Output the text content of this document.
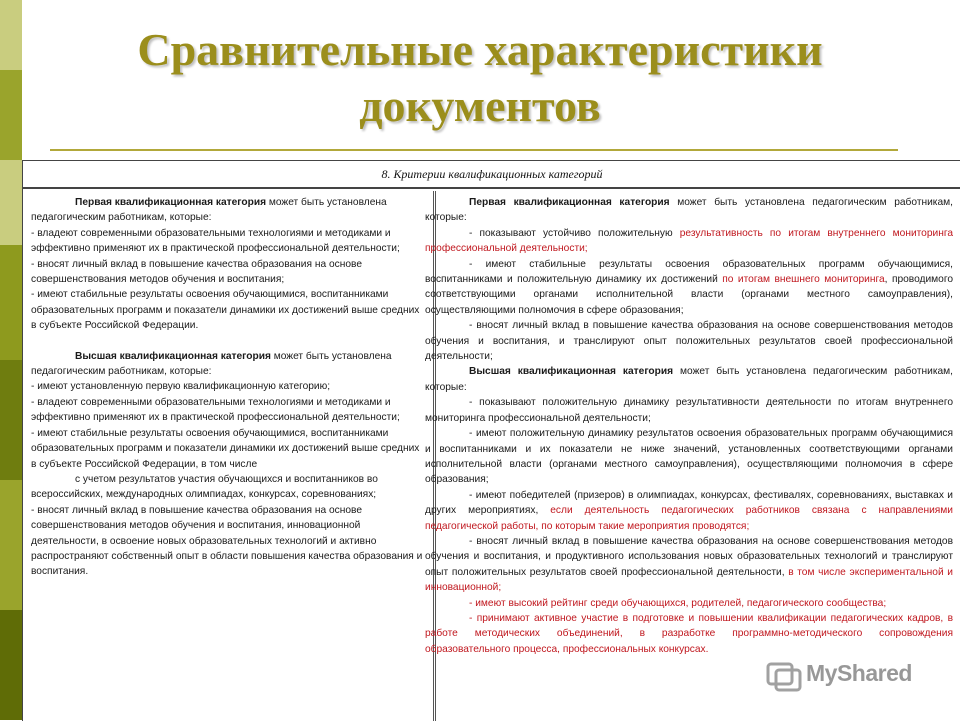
Сравнительные характеристики
документов
8. Критерии квалификационных категорий
Первая квалификационная категория может быть установлена педагогическим работникам, которые:
- владеют современными образовательными технологиями и методиками и эффективно применяют их в практической профессиональной деятельности;
- вносят личный вклад в повышение качества образования на основе совершенствования методов обучения и воспитания;
- имеют стабильные результаты освоения обучающимися, воспитанниками образовательных программ и показатели динамики их достижений выше средних в субъекте Российской Федерации.
Высшая квалификационная категория может быть установлена педагогическим работникам, которые:
- имеют установленную первую квалификационную категорию;
- владеют современными образовательными технологиями и методиками и эффективно применяют их в практической профессиональной деятельности;
- имеют стабильные результаты освоения обучающимися, воспитанниками образовательных программ и показатели динамики их достижений выше средних в субъекте Российской Федерации, в том числе
с учетом результатов участия обучающихся и воспитанников во всероссийских, международных олимпиадах, конкурсах, соревнованиях;
- вносят личный вклад в повышение качества образования на основе совершенствования методов обучения и воспитания, инновационной деятельности, в освоение новых образовательных технологий и активно распространяют собственный опыт в области повышения качества образования и воспитания.
Первая квалификационная категория может быть установлена педагогическим работникам, которые:
- показывают устойчиво положительную результативность по итогам внутреннего мониторинга профессиональной деятельности;
- имеют стабильные результаты освоения образовательных программ обучающимися, воспитанниками и положительную динамику их достижений по итогам внешнего мониторинга, проводимого соответствующими органами исполнительной власти (органами местного самоуправления), осуществляющими полномочия в сфере образования;
- вносят личный вклад в повышение качества образования на основе совершенствования методов обучения и воспитания, и транслируют опыт положительных результатов своей профессиональной деятельности;
Высшая квалификационная категория может быть установлена педагогическим работникам, которые:
- показывают положительную динамику результативности деятельности по итогам внутреннего мониторинга профессиональной деятельности;
- имеют положительную динамику результатов освоения образовательных программ обучающимися и воспитанниками и их показатели не ниже значений, установленных соответствующими органами исполнительной власти (органами местного самоуправления), осуществляющими полномочия в сфере образования;
- имеют победителей (призеров) в олимпиадах, конкурсах, фестивалях, соревнованиях, выставках и других мероприятиях, если деятельность педагогических работников связана с направлениями педагогической работы, по которым такие мероприятия проводятся;
- вносят личный вклад в повышение качества образования на основе совершенствования методов обучения и воспитания, и продуктивного использования новых образовательных технологий и транслируют опыт положительных результатов своей профессиональной деятельности, в том числе экспериментальной и инновационной;
- имеют высокий рейтинг среди обучающихся, родителей, педагогического сообщества;
- принимают активное участие в подготовке и повышении квалификации педагогических кадров, в работе методических объединений, в разработке программно-методического сопровождения образовательного процесса, профессиональных конкурсах.
MyShared
